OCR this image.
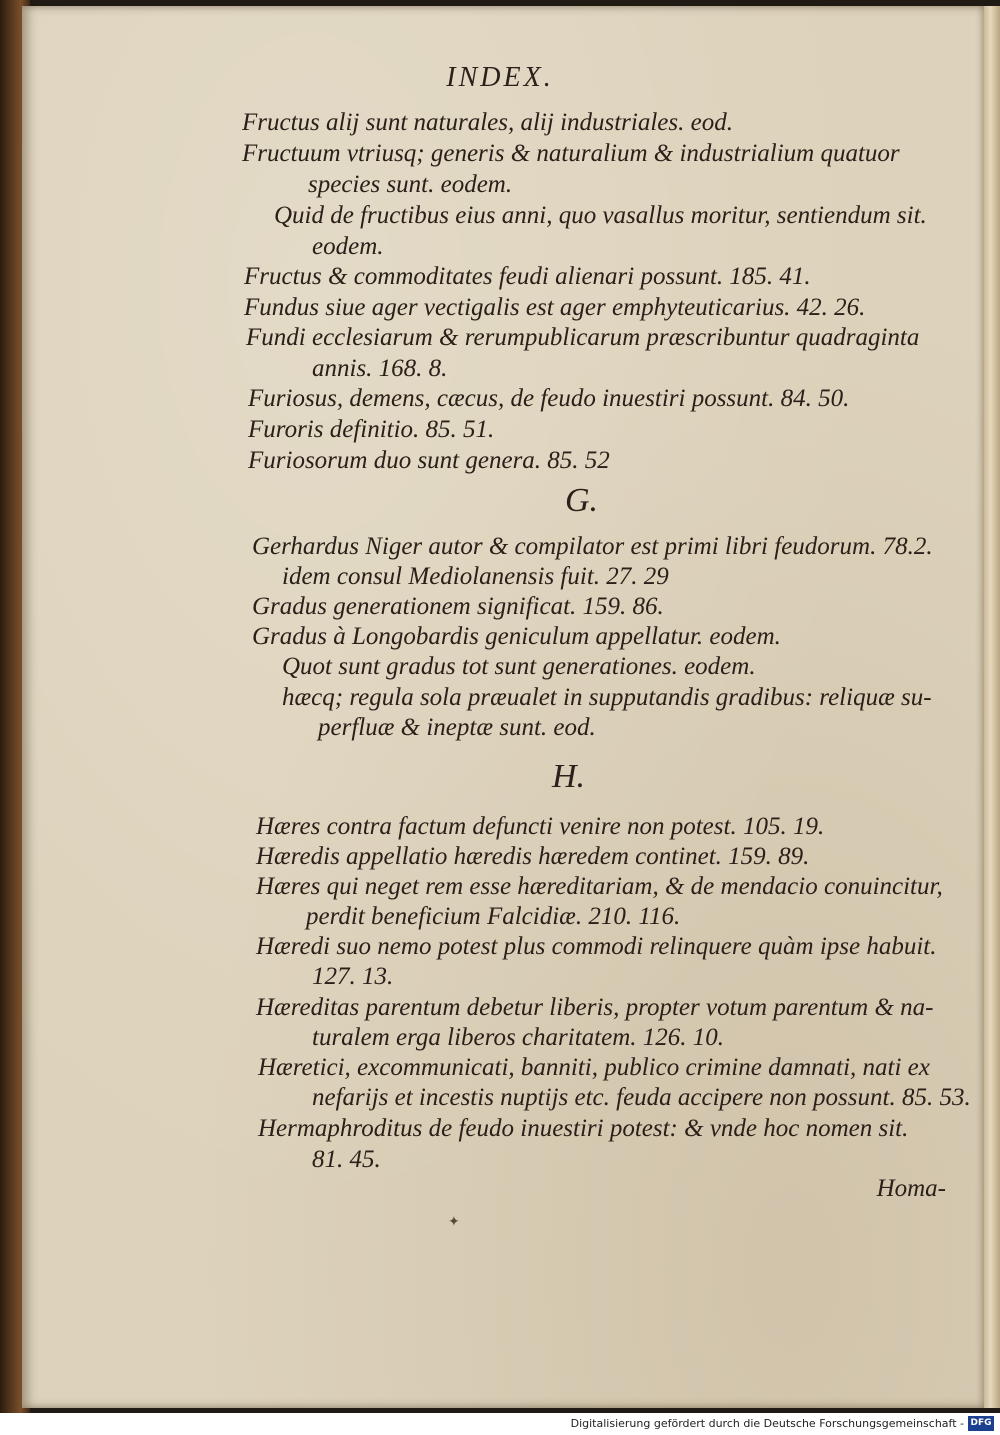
INDEX.
Fructus alij sunt naturales, alij industriales. eod.
Fructuum vtriusq; generis & naturalium & industrialium quatuor
species sunt. eodem.
Quid de fructibus eius anni, quo vasallus moritur, sentiendum sit.
eodem.
Fructus & commoditates feudi alienari possunt. 185. 41.
Fundus siue ager vectigalis est ager emphyteuticarius. 42. 26.
Fundi ecclesiarum & rerumpublicarum præscribuntur quadraginta
annis. 168. 8.
Furiosus, demens, cæcus, de feudo inuestiri possunt. 84. 50.
Furoris definitio. 85. 51.
Furiosorum duo sunt genera. 85. 52
G.
Gerhardus Niger autor & compilator est primi libri feudorum. 78.2.
idem consul Mediolanensis fuit. 27. 29
Gradus generationem significat. 159. 86.
Gradus à Longobardis geniculum appellatur. eodem.
Quot sunt gradus tot sunt generationes. eodem.
hæcq; regula sola præualet in supputandis gradibus: reliquæ su-
perfluæ & ineptæ sunt. eod.
H.
Hæres contra factum defuncti venire non potest. 105. 19.
Hæredis appellatio hæredis hæredem continet. 159. 89.
Hæres qui neget rem esse hæreditariam, & de mendacio conuincitur,
perdit beneficium Falcidiæ. 210. 116.
Hæredi suo nemo potest plus commodi relinquere quàm ipse habuit.
127. 13.
Hæreditas parentum debetur liberis, propter votum parentum & na-
turalem erga liberos charitatem. 126. 10.
Hæretici, excommunicati, banniti, publico crimine damnati, nati ex
nefarijs et incestis nuptijs etc. feuda accipere non possunt. 85. 53.
Hermaphroditus de feudo inuestiri potest: & vnde hoc nomen sit.
81. 45.
Homa-
✦
Digitalisierung gefördert durch die Deutsche Forschungsgemeinschaft - DFG
